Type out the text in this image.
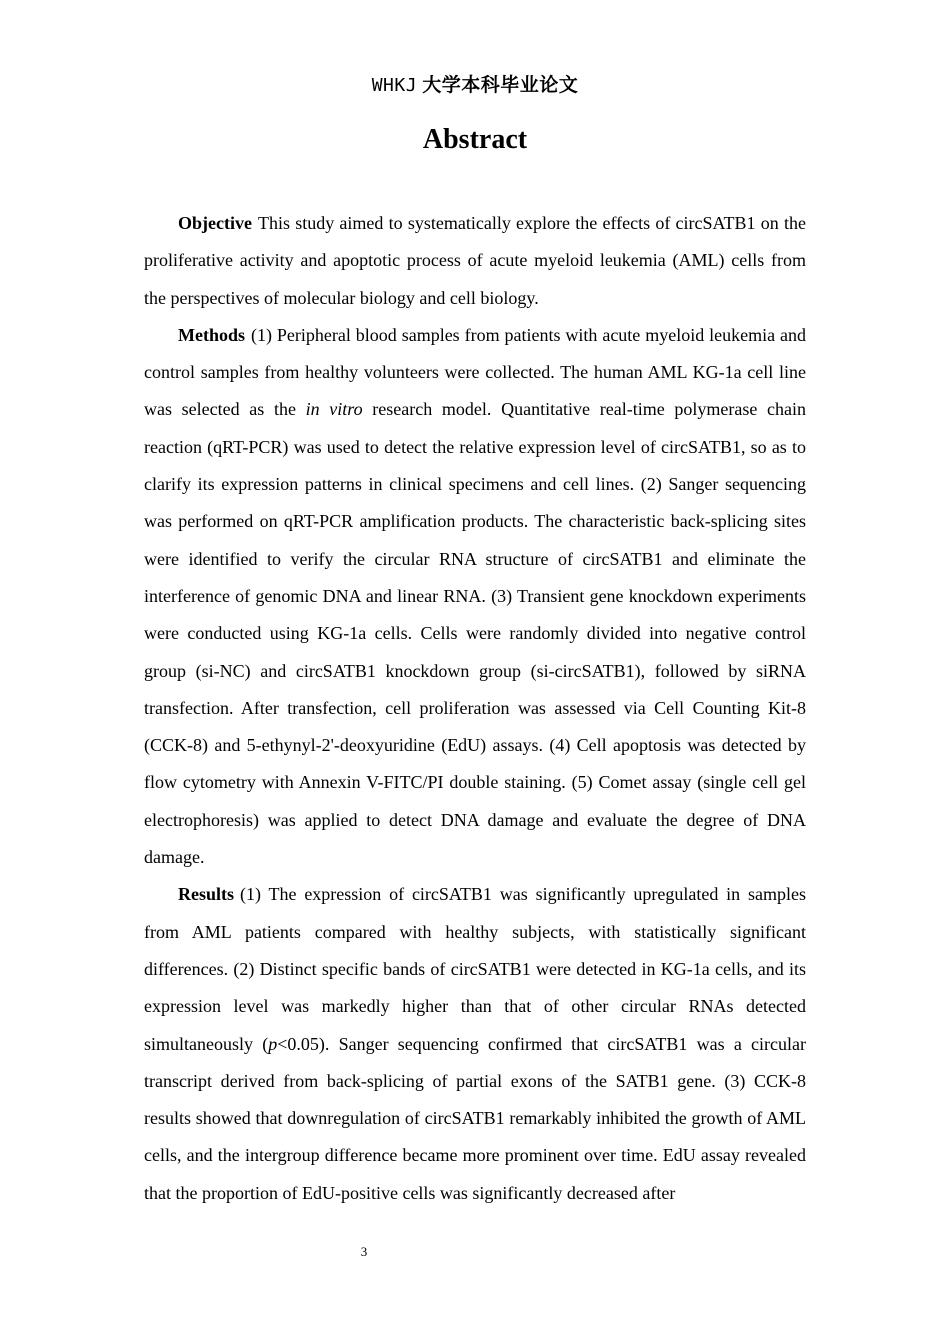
WHKJ 大学本科毕业论文
Abstract

Objective This study aimed to systematically explore the effects of circSATB1 on the proliferative activity and apoptotic process of acute myeloid leukemia (AML) cells from the perspectives of molecular biology and cell biology.

Methods (1) Peripheral blood samples from patients with acute myeloid leukemia and control samples from healthy volunteers were collected. The human AML KG-1a cell line was selected as the in vitro research model. Quantitative real-time polymerase chain reaction (qRT-PCR) was used to detect the relative expression level of circSATB1, so as to clarify its expression patterns in clinical specimens and cell lines. (2) Sanger sequencing was performed on qRT-PCR amplification products. The characteristic back-splicing sites were identified to verify the circular RNA structure of circSATB1 and eliminate the interference of genomic DNA and linear RNA. (3) Transient gene knockdown experiments were conducted using KG-1a cells. Cells were randomly divided into negative control group (si-NC) and circSATB1 knockdown group (si-circSATB1), followed by siRNA transfection. After transfection, cell proliferation was assessed via Cell Counting Kit-8 (CCK-8) and 5-ethynyl-2'-deoxyuridine (EdU) assays. (4) Cell apoptosis was detected by flow cytometry with Annexin V-FITC/PI double staining. (5) Comet assay (single cell gel electrophoresis) was applied to detect DNA damage and evaluate the degree of DNA damage.

Results (1) The expression of circSATB1 was significantly upregulated in samples from AML patients compared with healthy subjects, with statistically significant differences. (2) Distinct specific bands of circSATB1 were detected in KG-1a cells, and its expression level was markedly higher than that of other circular RNAs detected simultaneously (p<0.05). Sanger sequencing confirmed that circSATB1 was a circular transcript derived from back-splicing of partial exons of the SATB1 gene. (3) CCK-8 results showed that downregulation of circSATB1 remarkably inhibited the growth of AML cells, and the intergroup difference became more prominent over time. EdU assay revealed that the proportion of EdU-positive cells was significantly decreased after

3
